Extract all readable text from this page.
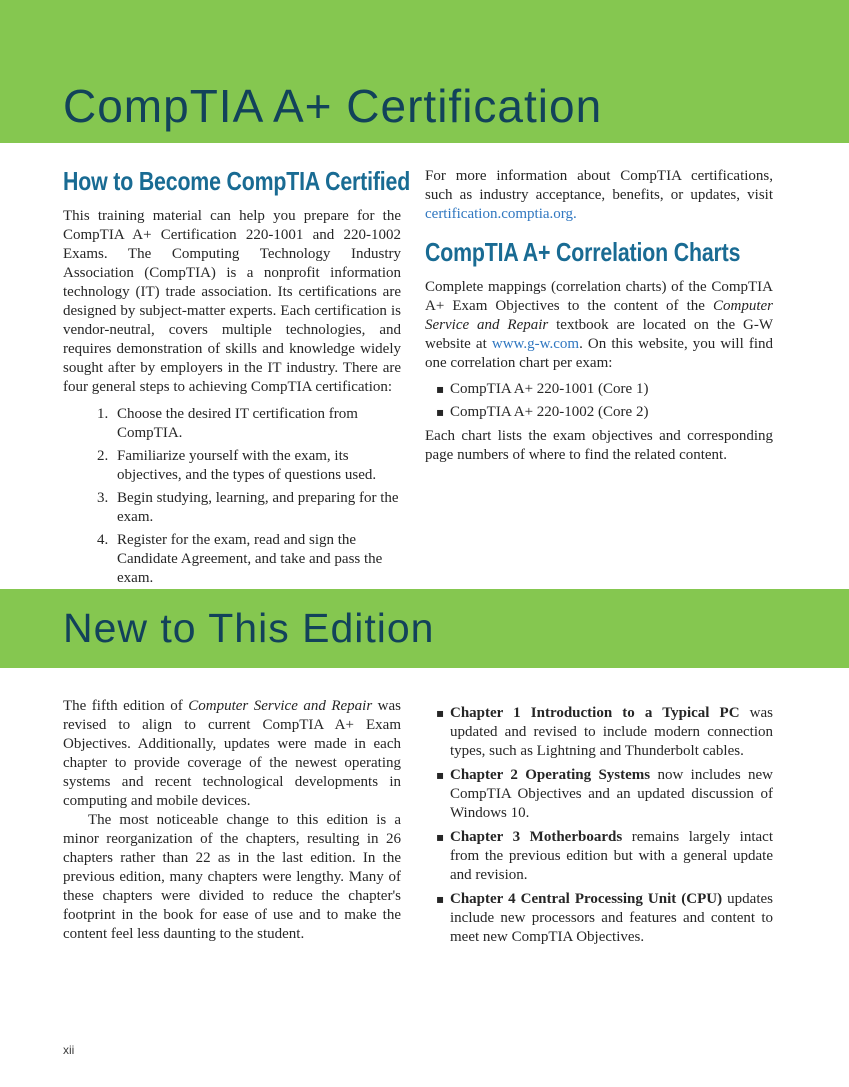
CompTIA A+ Certification
How to Become CompTIA Certified

This training material can help you prepare for the CompTIA A+ Certification 220-1001 and 220-1002 Exams. The Computing Technology Industry Association (CompTIA) is a nonprofit information technology (IT) trade association. Its certifications are designed by subject-matter experts. Each certification is vendor-neutral, covers multiple technologies, and requires demonstration of skills and knowledge widely sought after by employers in the IT industry. There are four general steps to achieving CompTIA certification:

1. Choose the desired IT certification from CompTIA.
2. Familiarize yourself with the exam, its objectives, and the types of questions used.
3. Begin studying, learning, and preparing for the exam.
4. Register for the exam, read and sign the Candidate Agreement, and take and pass the exam.

For more information about CompTIA certifications, such as industry acceptance, benefits, or updates, visit certification.comptia.org.

CompTIA A+ Correlation Charts

Complete mappings (correlation charts) of the CompTIA A+ Exam Objectives to the content of the Computer Service and Repair textbook are located on the G-W website at www.g-w.com. On this website, you will find one correlation chart per exam:

▪ CompTIA A+ 220-1001 (Core 1)
▪ CompTIA A+ 220-1002 (Core 2)

Each chart lists the exam objectives and corresponding page numbers of where to find the related content.

New to This Edition

The fifth edition of Computer Service and Repair was revised to align to current CompTIA A+ Exam Objectives. Additionally, updates were made in each chapter to provide coverage of the newest operating systems and recent technological developments in computing and mobile devices.

The most noticeable change to this edition is a minor reorganization of the chapters, resulting in 26 chapters rather than 22 as in the last edition. In the previous edition, many chapters were lengthy. Many of these chapters were divided to reduce the chapter's footprint in the book for ease of use and to make the content feel less daunting to the student.

▪ Chapter 1 Introduction to a Typical PC was updated and revised to include modern connection types, such as Lightning and Thunderbolt cables.
▪ Chapter 2 Operating Systems now includes new CompTIA Objectives and an updated discussion of Windows 10.
▪ Chapter 3 Motherboards remains largely intact from the previous edition but with a general update and revision.
▪ Chapter 4 Central Processing Unit (CPU) updates include new processors and features and content to meet new CompTIA Objectives.
xii
